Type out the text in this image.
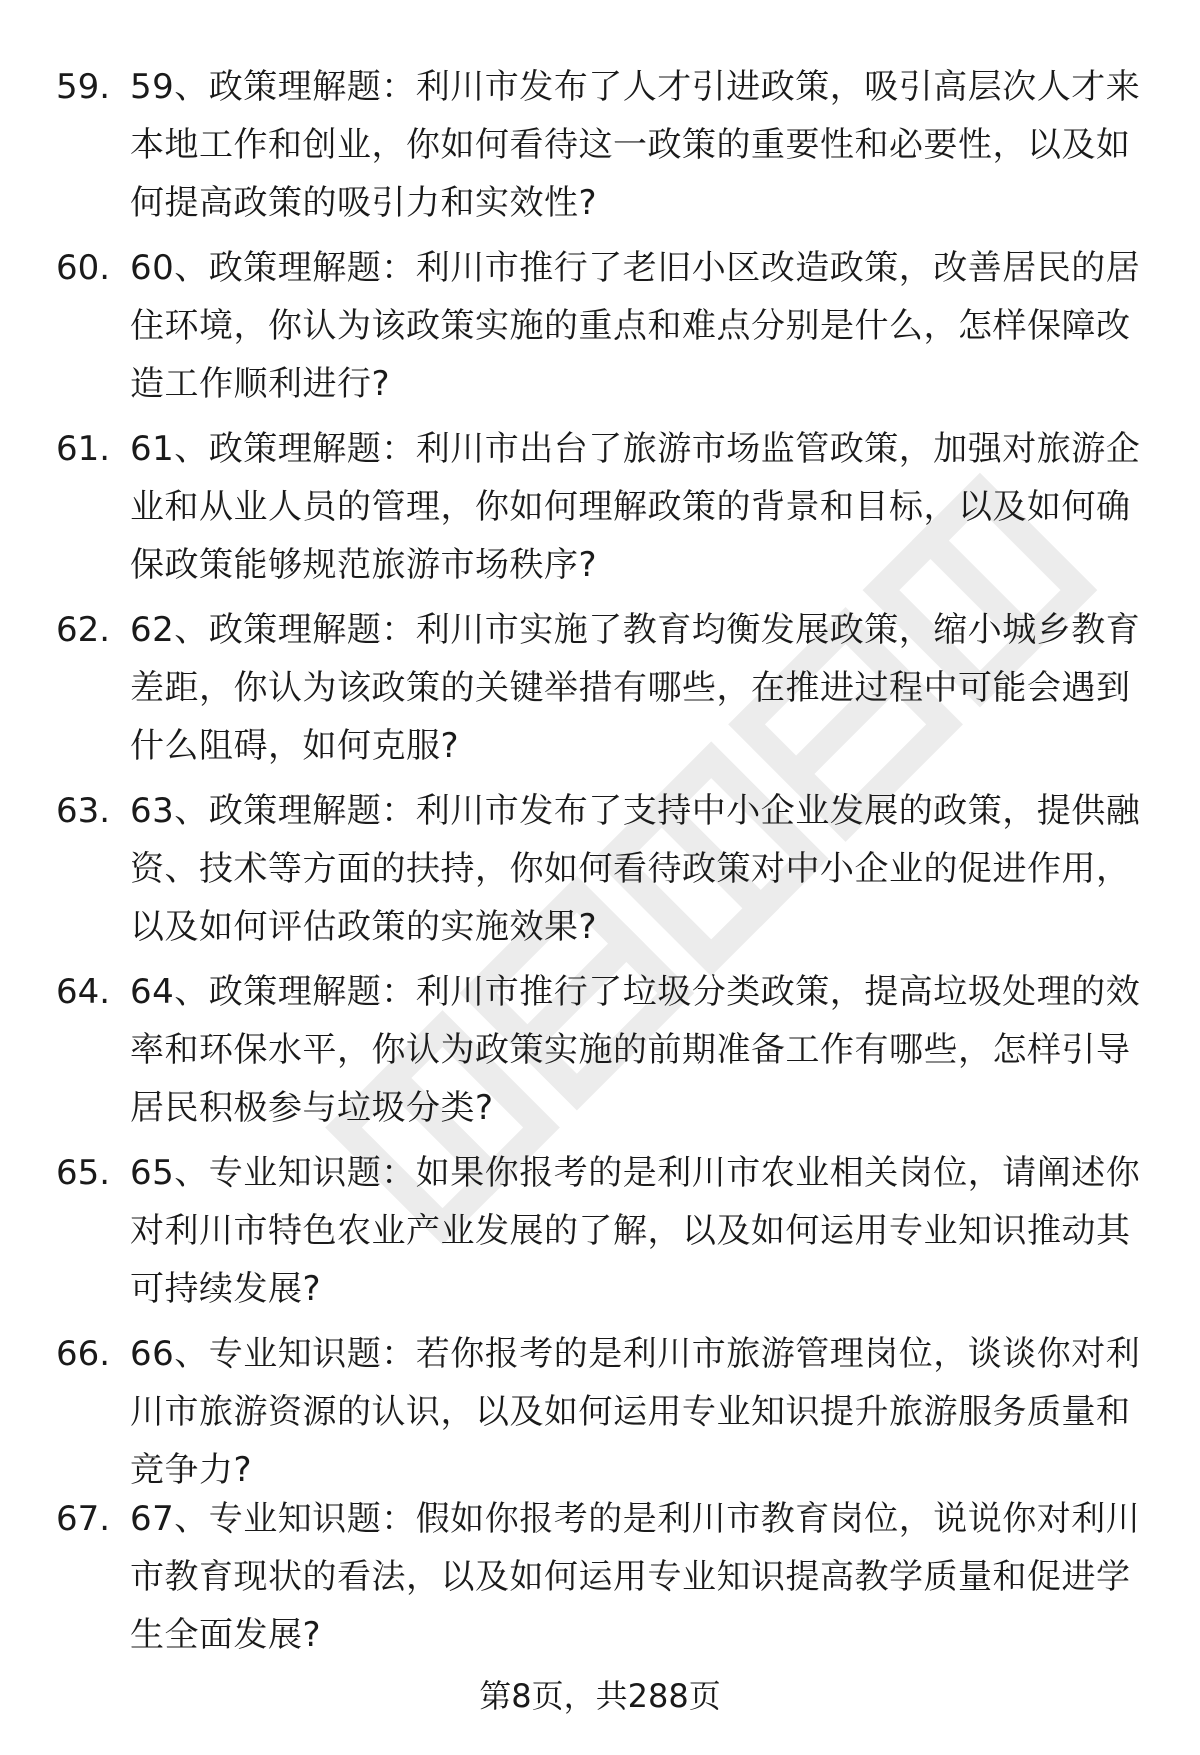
59. 59、政策理解题：利川市发布了人才引进政策，吸引高层次人才来本地工作和创业，你如何看待这一政策的重要性和必要性，以及如何提高政策的吸引力和实效性?
60. 60、政策理解题：利川市推行了老旧小区改造政策，改善居民的居住环境，你认为该政策实施的重点和难点分别是什么，怎样保障改造工作顺利进行?
61. 61、政策理解题：利川市出台了旅游市场监管政策，加强对旅游企业和从业人员的管理，你如何理解政策的背景和目标，以及如何确保政策能够规范旅游市场秩序?
62. 62、政策理解题：利川市实施了教育均衡发展政策，缩小城乡教育差距，你认为该政策的关键举措有哪些，在推进过程中可能会遇到什么阻碍，如何克服?
63. 63、政策理解题：利川市发布了支持中小企业发展的政策，提供融资、技术等方面的扶持，你如何看待政策对中小企业的促进作用，以及如何评估政策的实施效果?
64. 64、政策理解题：利川市推行了垃圾分类政策，提高垃圾处理的效率和环保水平，你认为政策实施的前期准备工作有哪些，怎样引导居民积极参与垃圾分类?
65. 65、专业知识题：如果你报考的是利川市农业相关岗位，请阐述你对利川市特色农业产业发展的了解，以及如何运用专业知识推动其可持续发展?
66. 66、专业知识题：若你报考的是利川市旅游管理岗位，谈谈你对利川市旅游资源的认识，以及如何运用专业知识提升旅游服务质量和竞争力?
67. 67、专业知识题：假如你报考的是利川市教育岗位，说说你对利川市教育现状的看法，以及如何运用专业知识提高教学质量和促进学生全面发展?
第8页，共288页
